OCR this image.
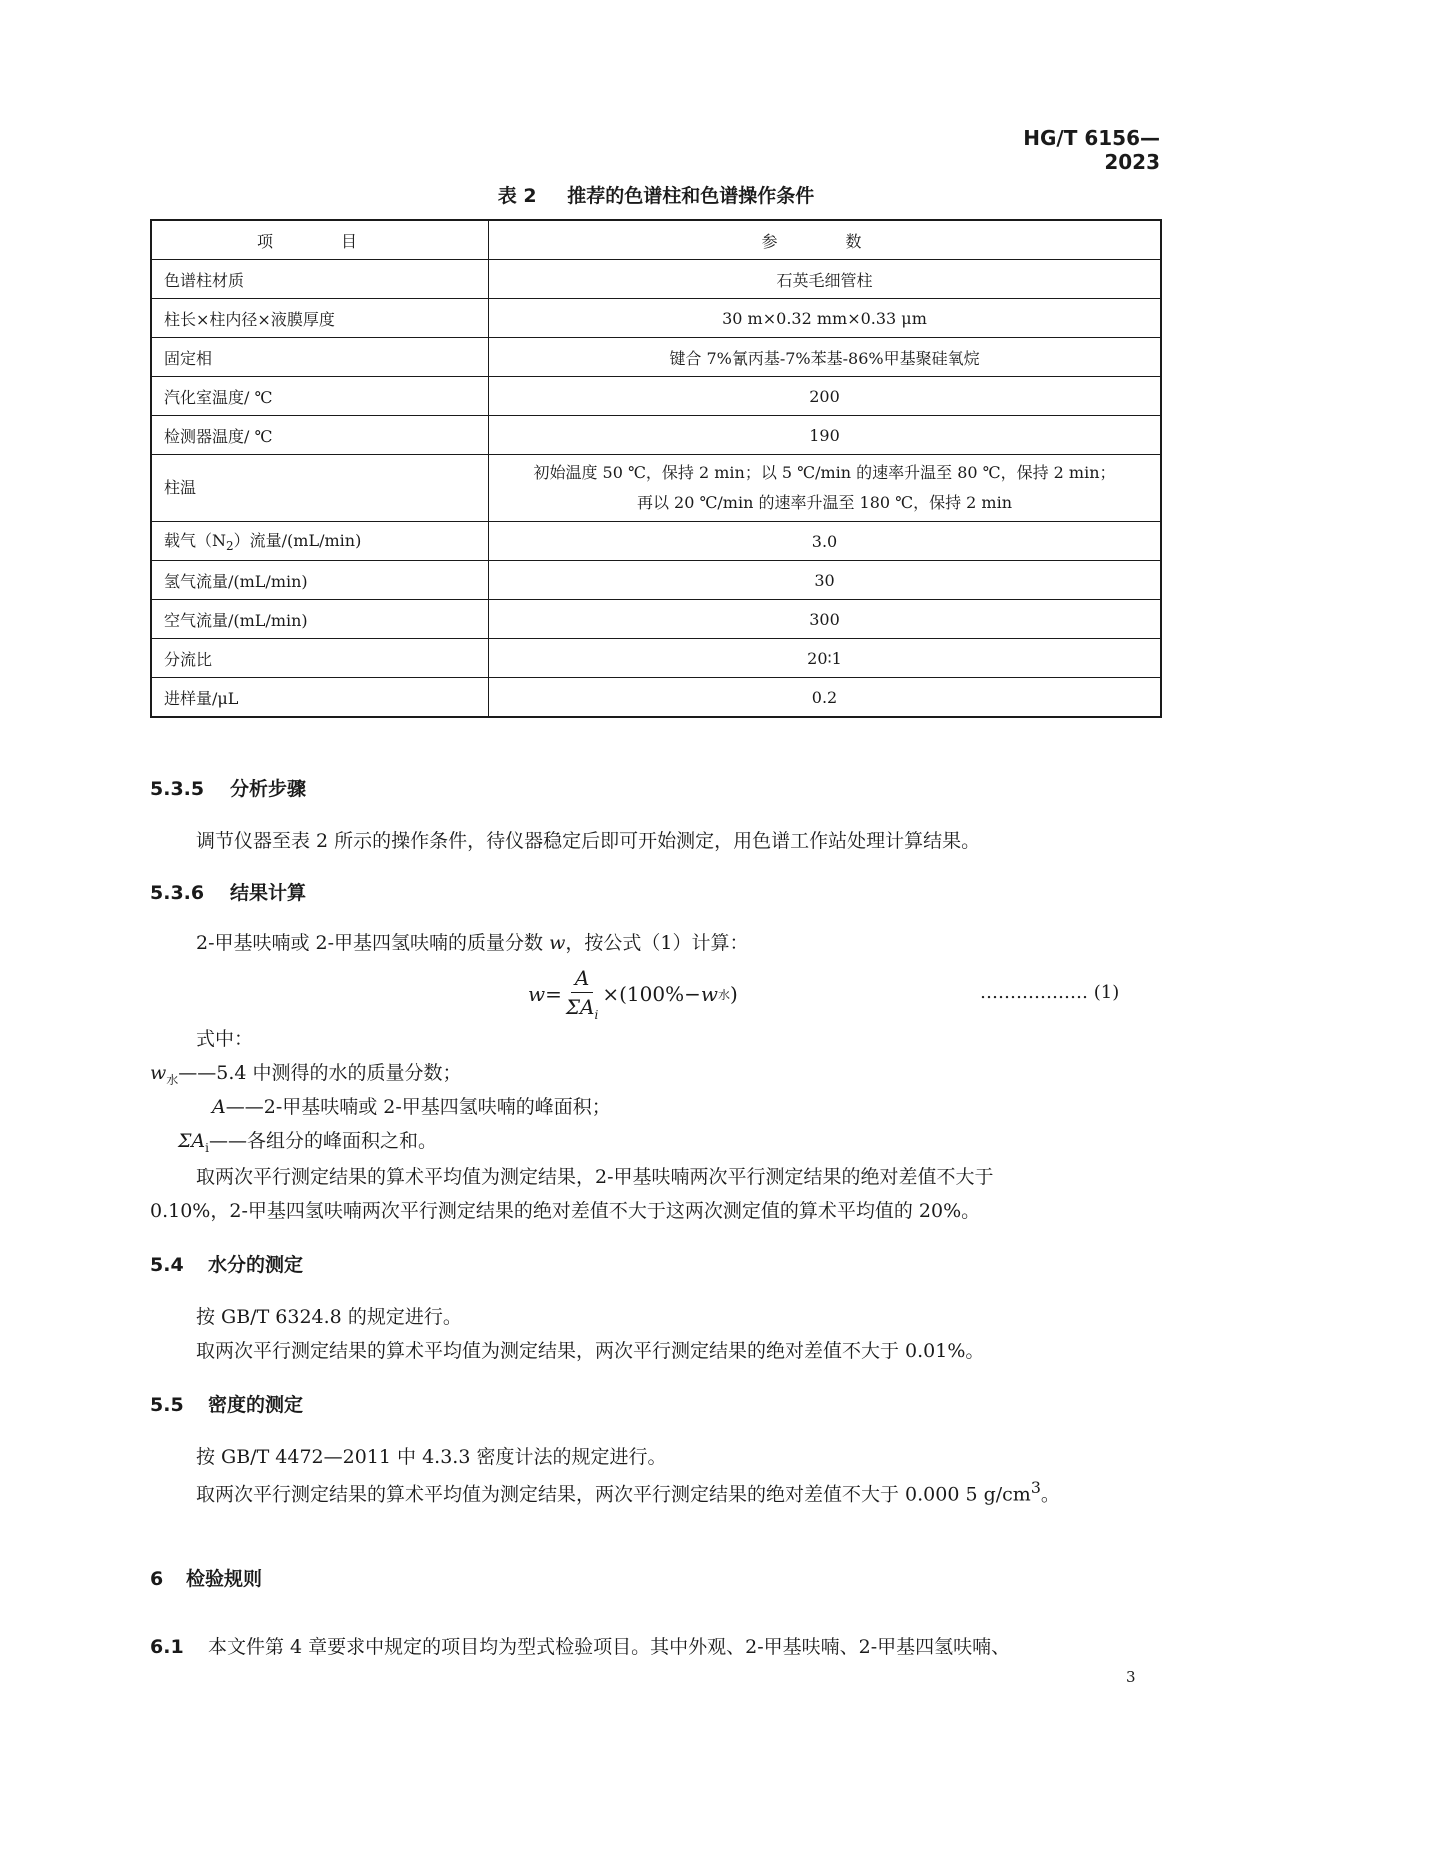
HG/T 6156—2023
表 2 推荐的色谱柱和色谱操作条件
项　目	参　数
色谱柱材质	石英毛细管柱
柱长×柱内径×液膜厚度	30 m×0.32 mm×0.33 μm
固定相	键合 7%氰丙基-7%苯基-86%甲基聚硅氧烷
汽化室温度/ ℃	200
检测器温度/ ℃	190
柱温	初始温度 50 ℃，保持 2 min；以 5 ℃/min 的速率升温至 80 ℃，保持 2 min；
再以 20 ℃/min 的速率升温至 180 ℃，保持 2 min

载气$(N_2)$流量/(mL/min)	3.0
氢气流量/(mL/min)	30
空气流量/(mL/min)	300
分流比	20∶1
进样量/μL	0.2
5.3.5 分析步骤
调节仪器至表 2 所示的操作条件，待仪器稳定后即可开始测定，用色谱工作站处理计算结果。
5.3.6 结果计算
2-甲基呋喃或 2-甲基四氢呋喃的质量分数 w，按公式（1）计算：
$w = \frac{A}{\Sigma A_i} \times (100\%- w$ 水 )	……………… (1)
式中：
$w_水——5.4$ 中测得的水的质量分数；
A——2-甲基呋喃或 2-甲基四氢呋喃的峰面积；
$\Sigma A_i——$各组分的峰面积之和。
取两次平行测定结果的算术平均值为测定结果，2-甲基呋喃两次平行测定结果的绝对差值不大于
0.10%，2-甲基四氢呋喃两次平行测定结果的绝对差值不大于这两次测定值的算术平均值的 20%。
5.4 水分的测定
按 GB/T 6324.8 的规定进行。
取两次平行测定结果的算术平均值为测定结果，两次平行测定结果的绝对差值不大于 0.01%。
5.5 密度的测定
按 GB/T 4472—2011 中 4.3.3 密度计法的规定进行。
取两次平行测定结果的算术平均值为测定结果，两次平行测定结果的绝对差值不大于 0.000 5 $g/cm^3$。
6 检验规则
6.1 本文件第 4 章要求中规定的项目均为型式检验项目。其中外观、2-甲基呋喃、2-甲基四氢呋喃、
3
